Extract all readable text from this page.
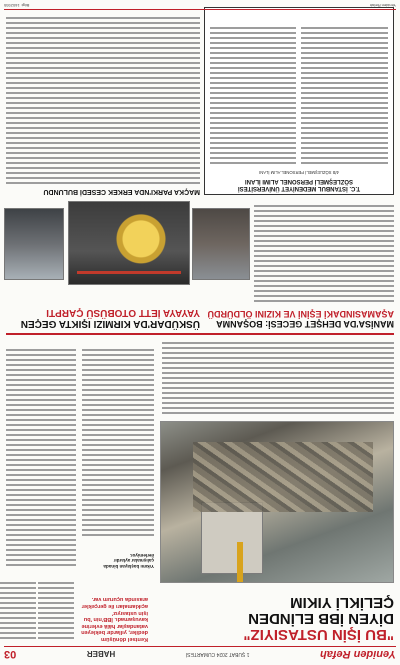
Yeniden Refah
1 ŞUBAT 2024 CUMARTESİ
HABER
03
"BU İŞİN USTASIYIZ"
DİYEN İBB ELİNDEN
ÇELİKLİ YIKIM
Kentsel dönüşüm dediler, yıllardır bekleyen vatandaşlar hâlâ evlerine kavuşamadı. İBB'nin 'bu işin ustasıyız' açıklamaları ile gerçekler arasında uçurum var.
Yıkımı başlayan binada çalışmalar aylardır ilerlemiyor.
ÜSKÜDAR'DA KIRMIZI IŞIKTA GEÇEN
YAYAYA İETT OTOBÜSÜ ÇARPTI
MANİSA'DA DEHŞET GECESİ: BOŞANMA
AŞAMASINDAKİ EŞİNİ VE KIZINI ÖLDÜRDÜ
T.C. İSTANBUL MEDENİYET ÜNİVERSİTESİ
SÖZLEŞMELİ PERSONEL ALIMI İLANI
4/B SÖZLEŞMELİ PERSONEL ALIM İLANI
MAÇKA PARKI'NDA ERKEK CESEDİ BULUNDU
Yeniden Refah
Bilgi: 1602935
